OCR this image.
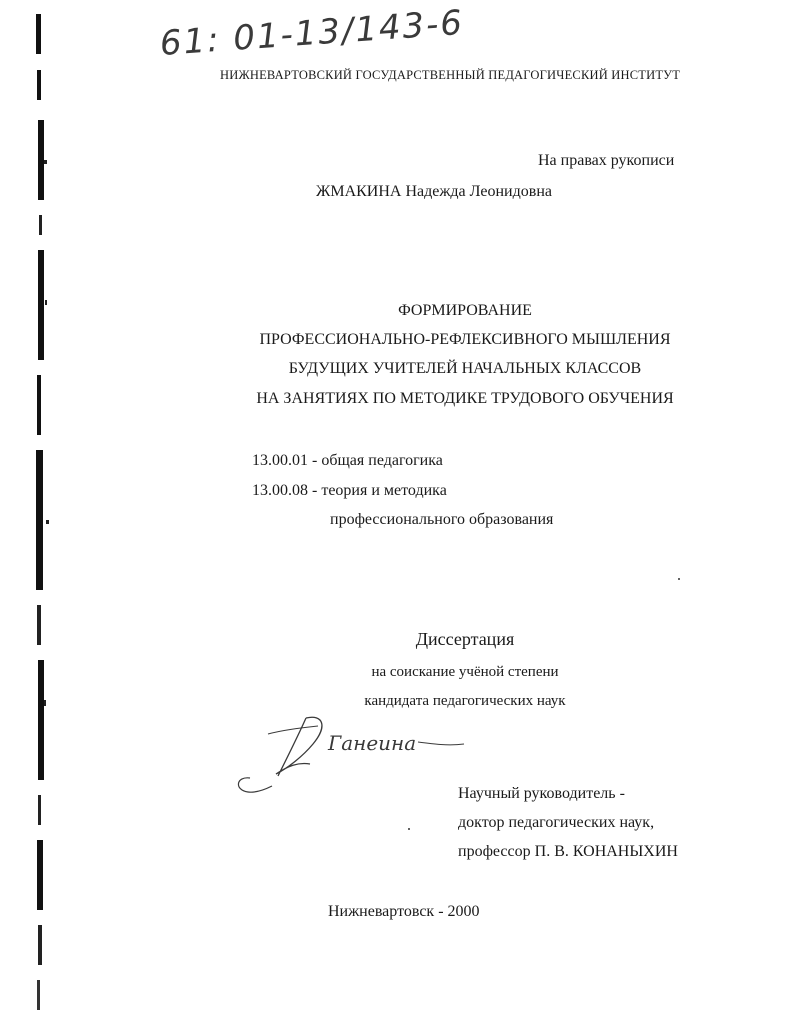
61: 01-13/143-6
НИЖНЕВАРТОВСКИЙ ГОСУДАРСТВЕННЫЙ ПЕДАГОГИЧЕСКИЙ ИНСТИТУТ
На правах рукописи
ЖМАКИНА Надежда Леонидовна
ФОРМИРОВАНИЕ
ПРОФЕССИОНАЛЬНО-РЕФЛЕКСИВНОГО МЫШЛЕНИЯ
БУДУЩИХ УЧИТЕЛЕЙ НАЧАЛЬНЫХ КЛАССОВ
НА ЗАНЯТИЯХ ПО МЕТОДИКЕ ТРУДОВОГО ОБУЧЕНИЯ
13.00.01 - общая педагогика
13.00.08 - теория и методика
профессионального образования
Диссертация
на соискание учёной степени
кандидата педагогических наук
Ганеина
Научный руководитель -
доктор педагогических наук,
профессор П. В. КОНАНЫХИН
Нижневартовск - 2000
